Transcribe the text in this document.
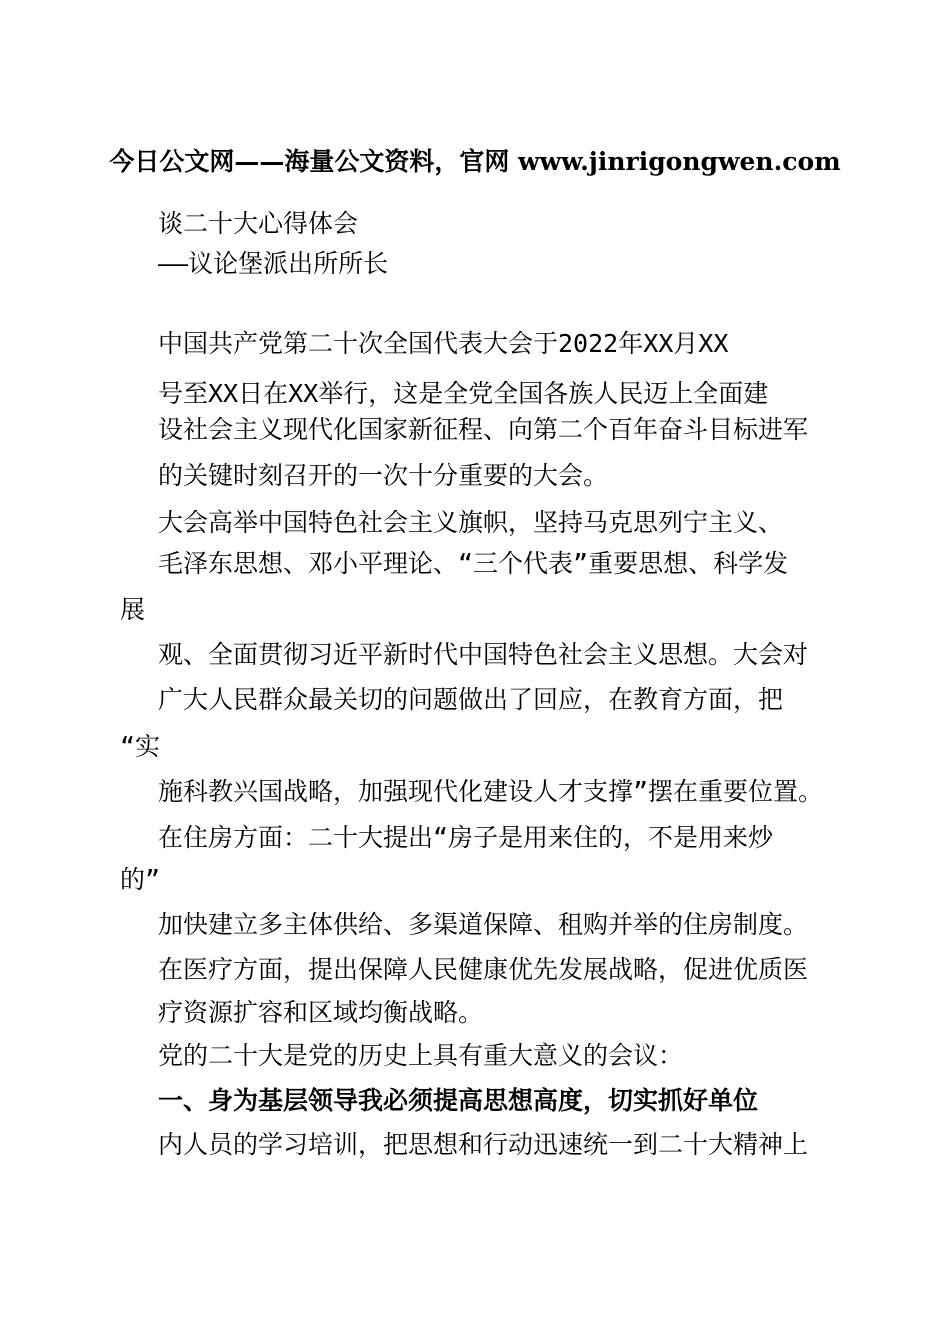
今日公文网——海量公文资料，官网 www.jinrigongwen.com
谈二十大心得体会
——议论堡派出所所长
中国共产党第二十次全国代表大会于2022年XX月XX
号至XX日在XX举行，这是全党全国各族人民迈上全面建
设社会主义现代化国家新征程、向第二个百年奋斗目标进军
的关键时刻召开的一次十分重要的大会。
大会高举中国特色社会主义旗帜，坚持马克思列宁主义、
毛泽东思想、邓小平理论、“三个代表”重要思想、科学发
展
观、全面贯彻习近平新时代中国特色社会主义思想。大会对
广大人民群众最关切的问题做出了回应，在教育方面，把
“实
施科教兴国战略，加强现代化建设人才支撑”摆在重要位置。
在住房方面：二十大提出“房子是用来住的，不是用来炒
的”
加快建立多主体供给、多渠道保障、租购并举的住房制度。
在医疗方面，提出保障人民健康优先发展战略，促进优质医
疗资源扩容和区域均衡战略。
党的二十大是党的历史上具有重大意义的会议：
一、身为基层领导我必须提高思想高度，切实抓好单位
内人员的学习培训，把思想和行动迅速统一到二十大精神上
